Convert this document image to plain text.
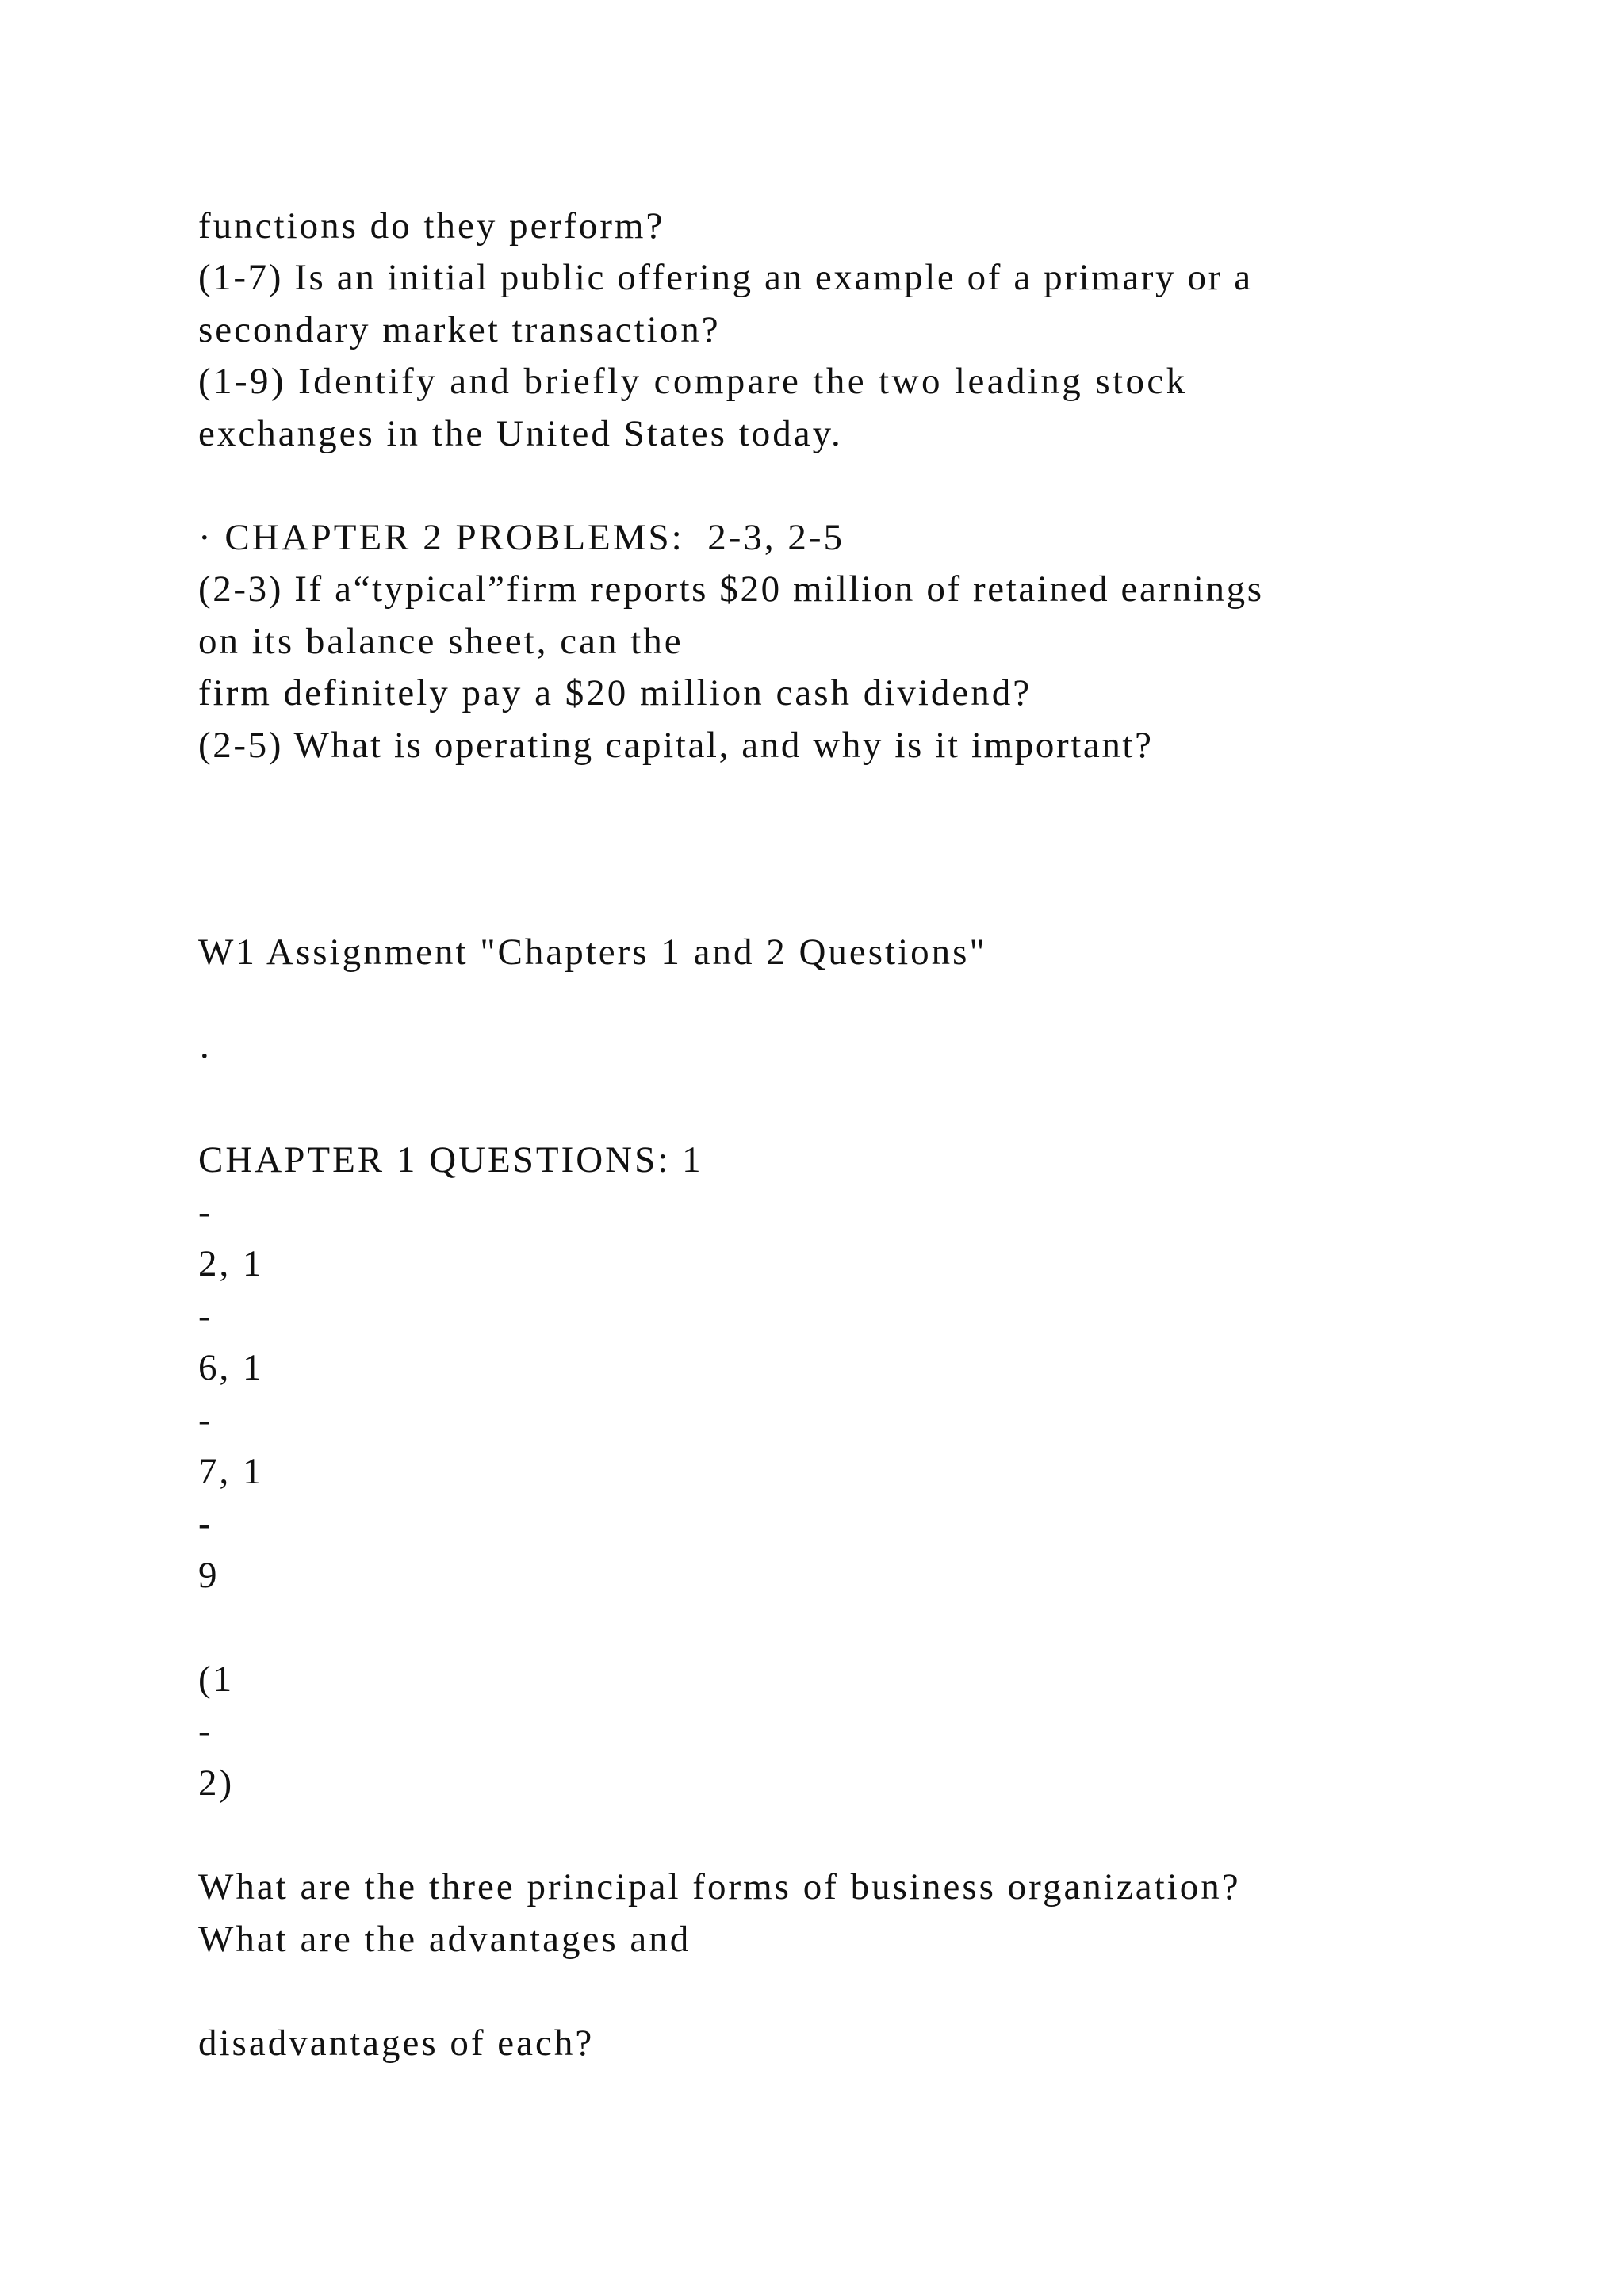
functions do they perform?

(1-7) Is an initial public offering an example of a primary or a

secondary market transaction?

(1-9) Identify and briefly compare the two leading stock

exchanges in the United States today.

· CHAPTER 2 PROBLEMS:  2-3, 2-5

(2-3) If a“typical”firm reports $20 million of retained earnings

on its balance sheet, can the

firm definitely pay a $20 million cash dividend?

(2-5) What is operating capital, and why is it important?

W1 Assignment "Chapters 1 and 2 Questions"

·

CHAPTER 1 QUESTIONS: 1

-

2, 1

-

6, 1

-

7, 1

-

9

(1

-

2)

What are the three principal forms of business organization?

What are the advantages and

disadvantages of each?
